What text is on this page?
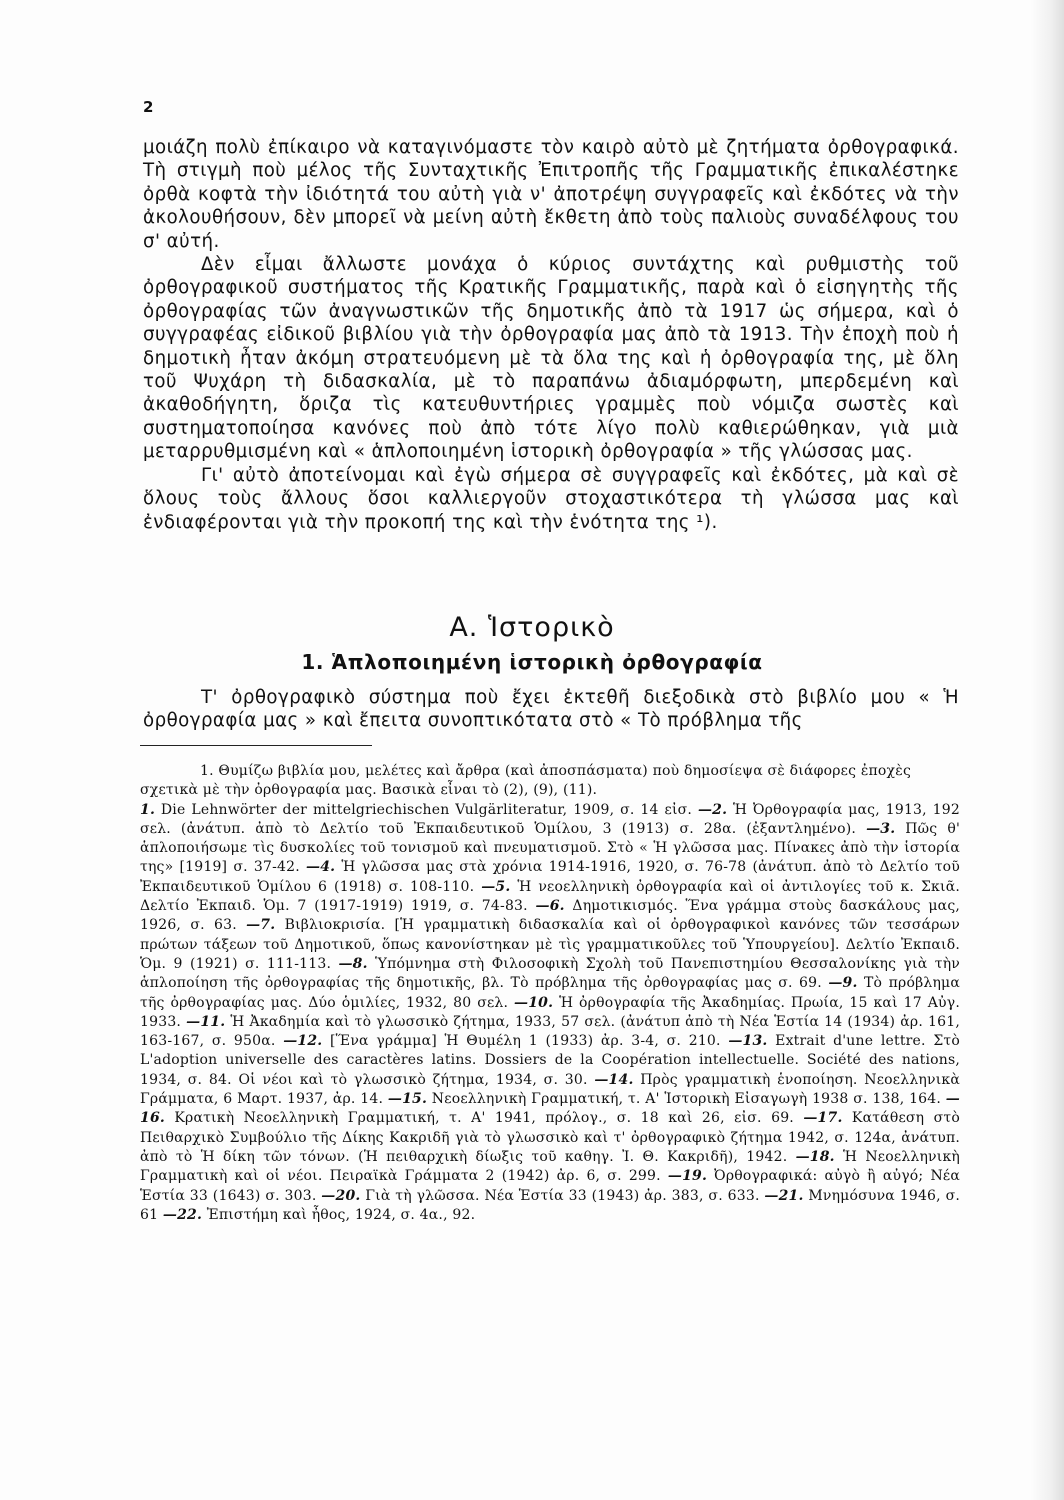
2

μοιάζη πολὺ ἐπίκαιρο νὰ καταγινόμαστε τὸν καιρὸ αὐτὸ μὲ ζητήματα ὀρθογραφικά. Τὴ στιγμὴ ποὺ μέλος τῆς Συνταχτικῆς Ἐπιτροπῆς τῆς Γραμματικῆς ἐπικαλέστηκε ὀρθὰ κοφτὰ τὴν ἰδιότητά του αὐτὴ γιὰ ν' ἀποτρέψη συγγραφεῖς καὶ ἐκδότες νὰ τὴν ἀκολουθήσουν, δὲν μπορεῖ νὰ μείνη αὐτὴ ἔκθετη ἀπὸ τοὺς παλιοὺς συναδέλφους του σ' αὐτή.

Δὲν εἶμαι ἄλλωστε μονάχα ὁ κύριος συντάχτης καὶ ρυθμιστὴς τοῦ ὀρθογραφικοῦ συστήματος τῆς Κρατικῆς Γραμματικῆς, παρὰ καὶ ὁ εἰσηγητὴς τῆς ὀρθογραφίας τῶν ἀναγνωστικῶν τῆς δημοτικῆς ἀπὸ τὰ 1917 ὡς σήμερα, καὶ ὁ συγγραφέας εἰδικοῦ βιβλίου γιὰ τὴν ὀρθογραφία μας ἀπὸ τὰ 1913. Τὴν ἐποχὴ ποὺ ἡ δημοτικὴ ἦταν ἀκόμη στρατευόμενη μὲ τὰ ὅλα της καὶ ἡ ὀρθογραφία της, μὲ ὅλη τοῦ Ψυχάρη τὴ διδασκαλία, μὲ τὸ παραπάνω ἀδιαμόρφωτη, μπερδεμένη καὶ ἀκαθοδήγητη, ὅριζα τὶς κατευθυντήριες γραμμὲς ποὺ νόμιζα σωστὲς καὶ συστηματοποίησα κανόνες ποὺ ἀπὸ τότε λίγο πολὺ καθιερώθηκαν, γιὰ μιὰ μεταρρυθμισμένη καὶ « ἁπλοποιημένη ἱστορικὴ ὀρθογραφία » τῆς γλώσσας μας.

Γι' αὐτὸ ἀποτείνομαι καὶ ἐγὼ σήμερα σὲ συγγραφεῖς καὶ ἐκδότες, μὰ καὶ σὲ ὅλους τοὺς ἄλλους ὅσοι καλλιεργοῦν στοχαστικότερα τὴ γλώσσα μας καὶ ἐνδιαφέρονται γιὰ τὴν προκοπή της καὶ τὴν ἑνότητα της ¹).

Α. Ἱστορικὸ
1. Ἁπλοποιημένη ἱστορικὴ ὀρθογραφία

Τ' ὀρθογραφικὸ σύστημα ποὺ ἔχει ἐκτεθῆ διεξοδικὰ στὸ βιβλίο μου « Ἡ ὀρθογραφία μας » καὶ ἔπειτα συνοπτικότατα στὸ « Τὸ πρόβλημα τῆς

1. Θυμίζω βιβλία μου, μελέτες καὶ ἄρθρα (καὶ ἀποσπάσματα) ποὺ δημοσίεψα σὲ διάφορες ἐποχὲς σχετικὰ μὲ τὴν ὀρθογραφία μας. Βασικὰ εἶναι τὸ (2), (9), (11).

1. Die Lehnwörter der mittelgriechischen Vulgärliteratur, 1909, σ. 14 εἰσ. —2. Ἡ Ὀρθογραφία μας, 1913, 192 σελ. (ἀνάτυπ. ἀπὸ τὸ Δελτίο τοῦ Ἐκπαιδευτικοῦ Ὁμίλου, 3 (1913) σ. 28α. (ἐξαντλημένο). —3. Πῶς θ' ἁπλοποιήσωμε τὶς δυσκολίες τοῦ τονισμοῦ καὶ πνευματισμοῦ. Στὸ « Ἡ γλῶσσα μας. Πίνακες ἀπὸ τὴν ἱστορία της» [1919] σ. 37-42. —4. Ἡ γλῶσσα μας στὰ χρόνια 1914-1916, 1920, σ. 76-78 (ἀνάτυπ. ἀπὸ τὸ Δελτίο τοῦ Ἐκπαιδευτικοῦ Ὁμίλου 6 (1918) σ. 108-110. —5. Ἡ νεοελληνικὴ ὀρθογραφία καὶ οἱ ἀντιλογίες τοῦ κ. Σκιᾶ. Δελτίο Ἐκπαιδ. Ὁμ. 7 (1917-1919) 1919, σ. 74-83. —6. Δημοτικισμός. Ἕνα γράμμα στοὺς δασκάλους μας, 1926, σ. 63. —7. Βιβλιοκρισία. [Ἡ γραμματικὴ διδασκαλία καὶ οἱ ὀρθογραφικοὶ κανόνες τῶν τεσσάρων πρώτων τάξεων τοῦ Δημοτικοῦ, ὅπως κανονίστηκαν μὲ τὶς γραμματικοῦλες τοῦ Ὑπουργείου]. Δελτίο Ἐκπαιδ. Ὁμ. 9 (1921) σ. 111-113. —8. Ὑπόμνημα στὴ Φιλοσοφικὴ Σχολὴ τοῦ Πανεπιστημίου Θεσσαλονίκης γιὰ τὴν ἁπλοποίηση τῆς ὀρθογραφίας τῆς δημοτικῆς, βλ. Τὸ πρόβλημα τῆς ὀρθογραφίας μας σ. 69. —9. Τὸ πρόβλημα τῆς ὀρθογραφίας μας. Δύο ὁμιλίες, 1932, 80 σελ. —10. Ἡ ὀρθογραφία τῆς Ἀκαδημίας. Πρωία, 15 καὶ 17 Αὐγ. 1933. —11. Ἡ Ἀκαδημία καὶ τὸ γλωσσικὸ ζήτημα, 1933, 57 σελ. (ἀνάτυπ ἀπὸ τὴ Νέα Ἑστία 14 (1934) ἀρ. 161, 163-167, σ. 950α. —12. [Ἕνα γράμμα] Ἡ Θυμέλη 1 (1933) ἀρ. 3-4, σ. 210. —13. Extrait d'une lettre. Στὸ L'adoption universelle des caractères latins. Dossiers de la Coopération intellectuelle. Société des nations, 1934, σ. 84. Οἱ νέοι καὶ τὸ γλωσσικὸ ζήτημα, 1934, σ. 30. —14. Πρὸς γραμματικὴ ἑνοποίηση. Νεοελληνικὰ Γράμματα, 6 Μαρτ. 1937, ἀρ. 14. —15. Νεοελληνικὴ Γραμματική, τ. Α' Ἱστορικὴ Εἰσαγωγὴ 1938 σ. 138, 164. —16. Κρατικὴ Νεοελληνικὴ Γραμματική, τ. Α' 1941, πρόλογ., σ. 18 καὶ 26, εἰσ. 69. —17. Κατάθεση στὸ Πειθαρχικὸ Συμβούλιο τῆς Δίκης Κακριδῆ γιὰ τὸ γλωσσικὸ καὶ τ' ὀρθογραφικὸ ζήτημα 1942, σ. 124α, ἀνάτυπ. ἀπὸ τὸ Ἡ δίκη τῶν τόνων. (Ἡ πειθαρχικὴ δίωξις τοῦ καθηγ. Ἰ. Θ. Κακριδῆ), 1942. —18. Ἡ Νεοελληνικὴ Γραμματικὴ καὶ οἱ νέοι. Πειραϊκὰ Γράμματα 2 (1942) ἀρ. 6, σ. 299. —19. Ὀρθογραφικά: αὐγὸ ἢ αὐγό; Νέα Ἑστία 33 (1643) σ. 303. —20. Γιὰ τὴ γλῶσσα. Νέα Ἑστία 33 (1943) ἀρ. 383, σ. 633. —21. Μνημόσυνα 1946, σ. 61 —22. Ἐπιστήμη καὶ ἦθος, 1924, σ. 4α., 92.
